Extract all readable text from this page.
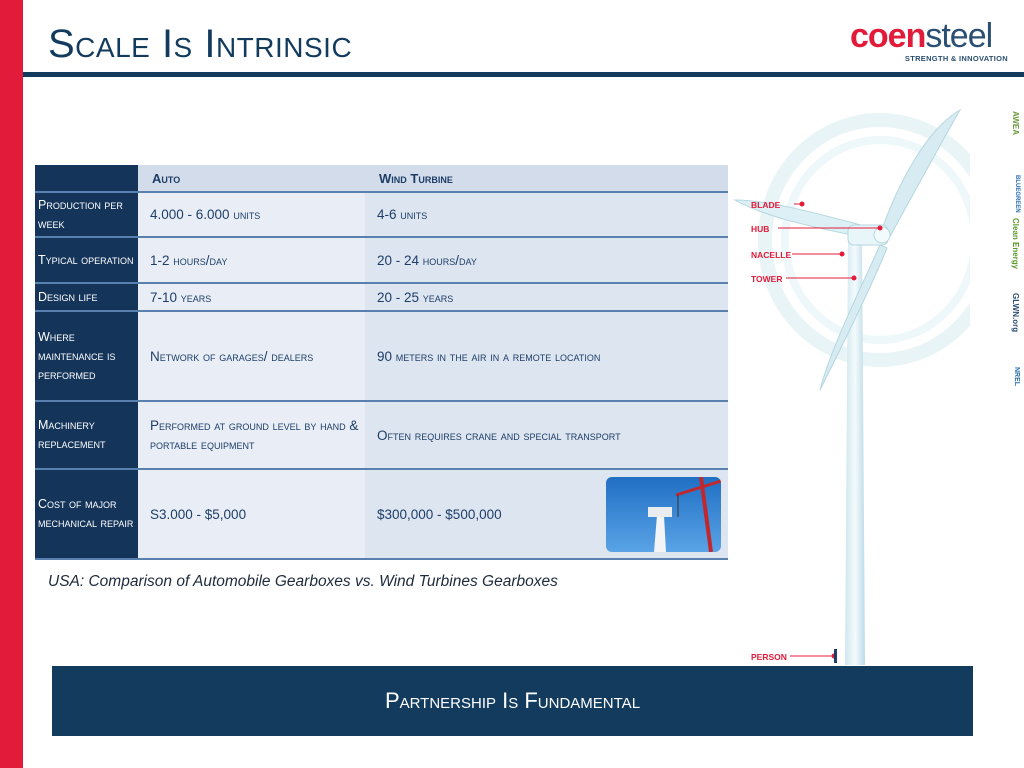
Scale Is Intrinsic	coensteel
STRENGTH & INNOVATION
BLADE
HUB
NACELLE
TOWER
PERSON
AWEA
BLUEGREEN
Clean Energy
GLWN.org
NREL
	Auto	Wind Turbine
Production per week	4.000 - 6.000 units	4-6 units
Typical operation	1-2 hours/day	20 - 24 hours/day
Design life	7-10 years	20 - 25 years
Where maintenance is performed	Network of garages/ dealers	90 meters in the air in a remote location
Machinery replacement	Performed at ground level by hand & portable equipment	Often requires crane and special transport
Cost of major mechanical repair	S3.000 - $5,000	$300,000 - $500,000

USA: Comparison of Automobile Gearboxes vs. Wind Turbines Gearboxes

Partnership Is Fundamental
